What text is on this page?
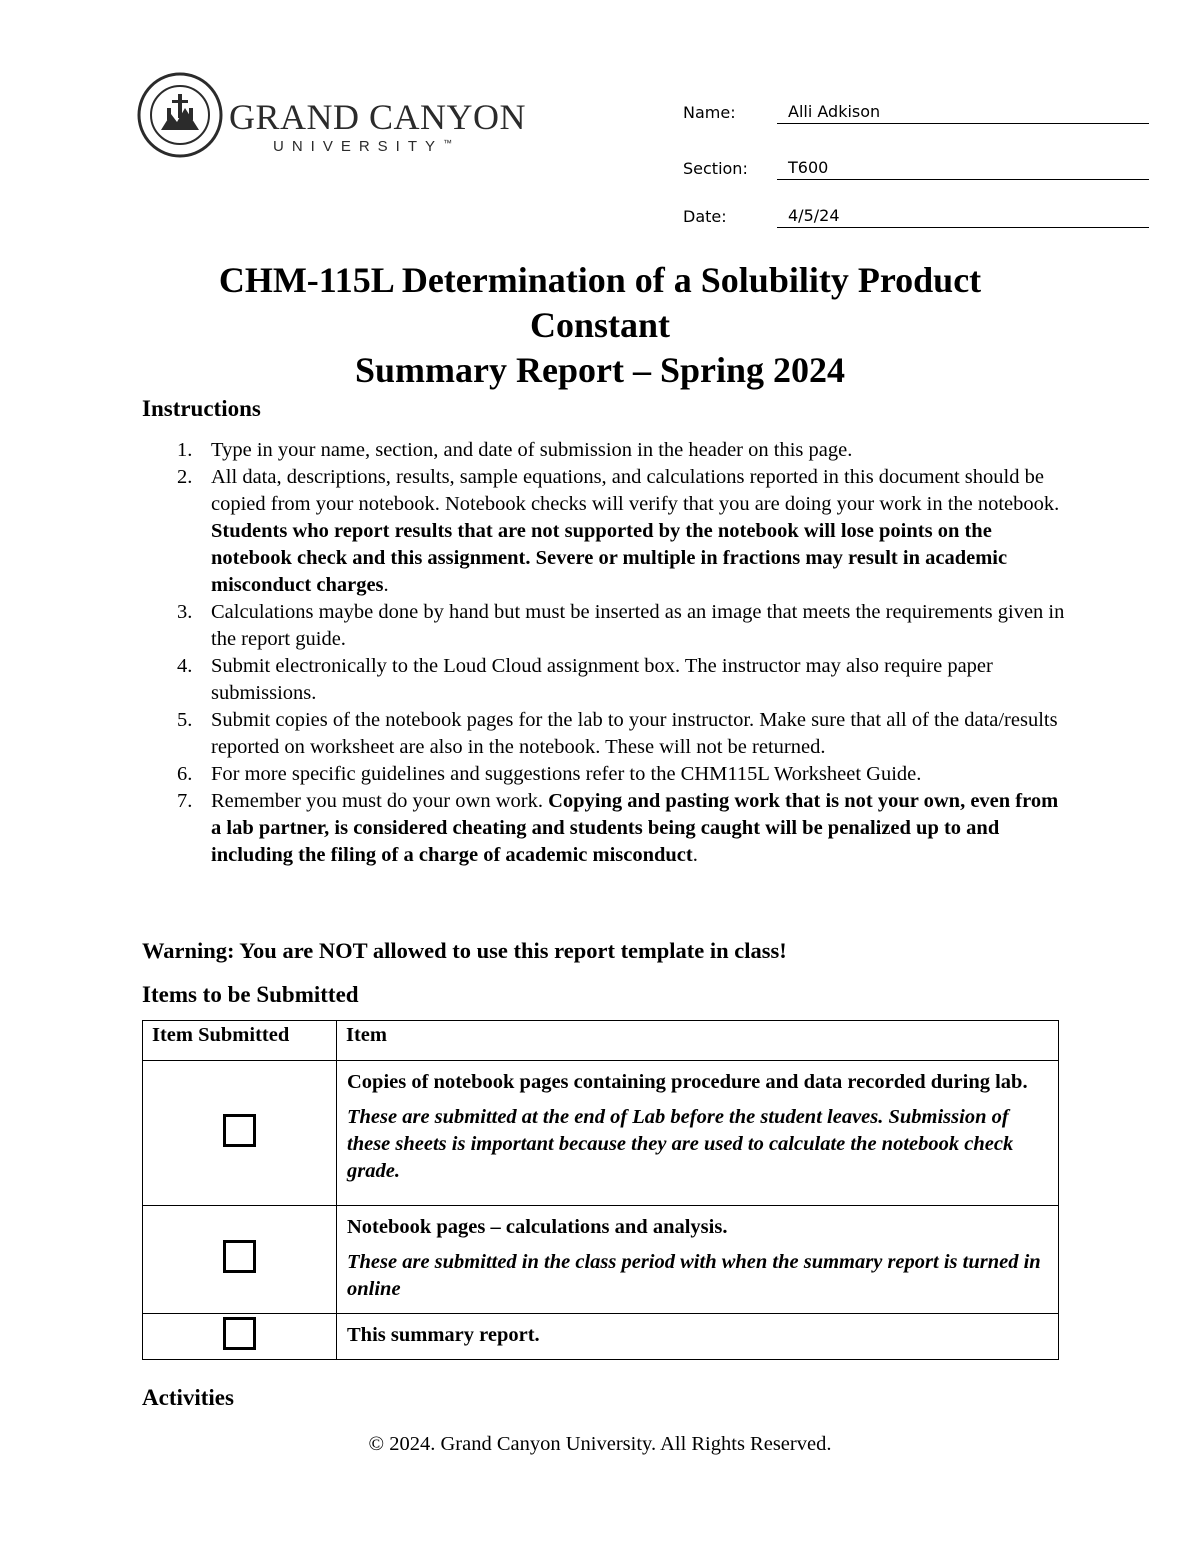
GRAND CANYON
UNIVERSITY™
Name:	Alli Adkison
Section:	T600
Date:	4/5/24
CHM-115L Determination of a Solubility Product
Constant
Summary Report – Spring 2024
Instructions
1. Type in your name, section, and date of submission in the header on this page.
2. All data, descriptions, results, sample equations, and calculations reported in this document should be copied from your notebook. Notebook checks will verify that you are doing your work in the notebook. Students who report results that are not supported by the notebook will lose points on the notebook check and this assignment. Severe or multiple in fractions may result in academic misconduct charges.
3. Calculations maybe done by hand but must be inserted as an image that meets the requirements given in the report guide.
4. Submit electronically to the Loud Cloud assignment box. The instructor may also require paper submissions.
5. Submit copies of the notebook pages for the lab to your instructor. Make sure that all of the data/results reported on worksheet are also in the notebook. These will not be returned.
6. For more specific guidelines and suggestions refer to the CHM115L Worksheet Guide.
7. Remember you must do your own work. Copying and pasting work that is not your own, even from a lab partner, is considered cheating and students being caught will be penalized up to and including the filing of a charge of academic misconduct.
Warning: You are NOT allowed to use this report template in class!
Items to be Submitted
Item Submitted	Item

	Copies of notebook pages containing procedure and data recorded during lab.
These are submitted at the end of Lab before the student leaves. Submission of these sheets is important because they are used to calculate the notebook check grade.

	Notebook pages – calculations and analysis.
These are submitted in the class period with when the summary report is turned in online

	This summary report.
Activities
© 2024. Grand Canyon University. All Rights Reserved.
